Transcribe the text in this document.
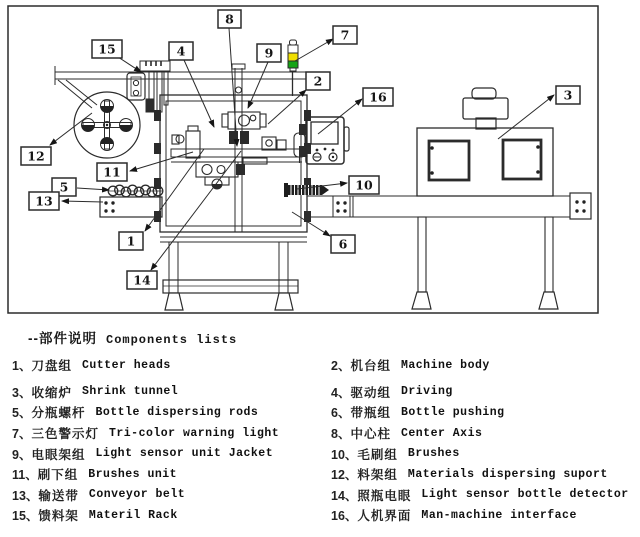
1
2
3
4
5
6
7
8
9
10
11
12
13
14
15
16
--部件说明 Components lists
1、 刀盘组 Cutter heads
3、 收缩炉 Shrink tunnel
5、 分瓶螺杆 Bottle dispersing rods
7、 三色警示灯 Tri-color warning light
9、 电眼架组 Light sensor unit Jacket
11、 刷下组 Brushes unit
13、 输送带 Conveyor belt
15、 馈料架 Materil Rack
2、 机台组 Machine body
4、 驱动组 Driving
6、 带瓶组 Bottle pushing
8、 中心柱 Center Axis
10、 毛刷组 Brushes
12、 料架组 Materials dispersing suport
14、 照瓶电眼 Light sensor bottle detector
16、 人机界面 Man-machine interface
